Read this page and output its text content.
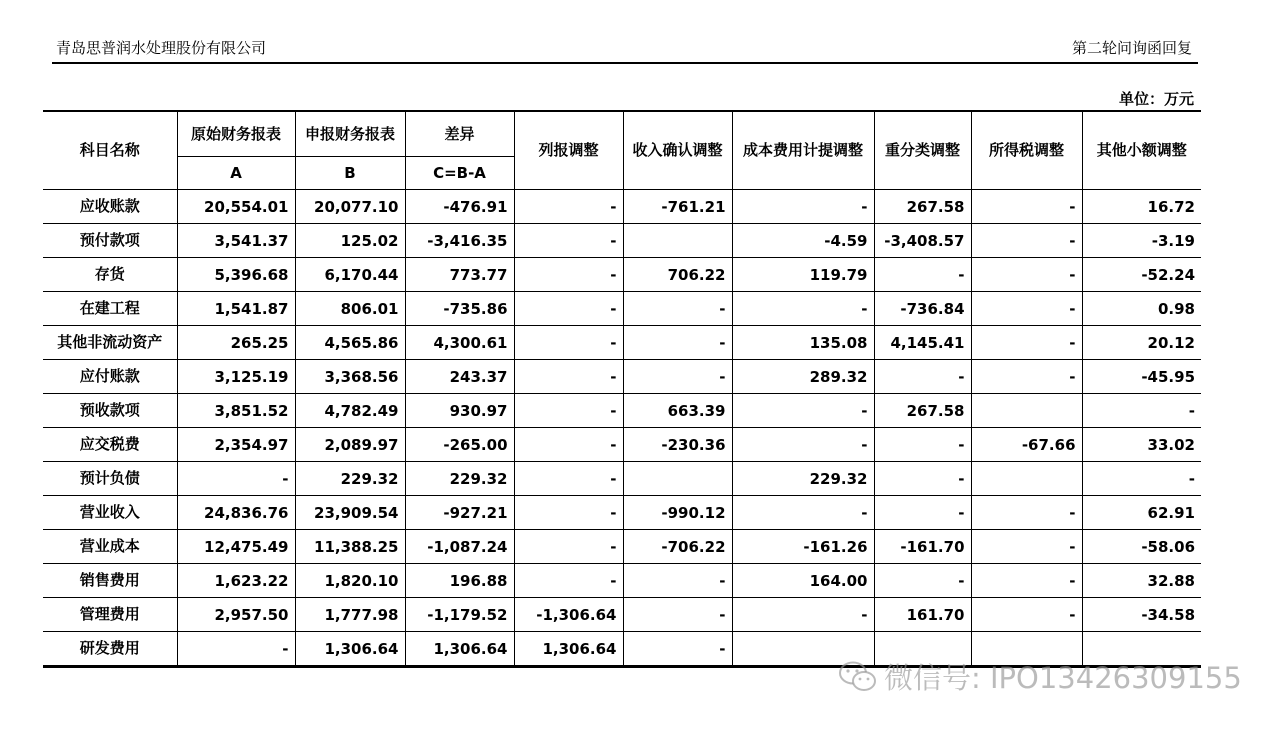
青岛思普润水处理股份有限公司	第二轮问询函回复
单位：万元
科目名称	原始财务报表	申报财务报表	差异	列报调整	收入确认调整	成本费用计提调整	重分类调整	所得税调整	其他小额调整
	A	B	C=B-A						
应收账款	20,554.01	20,077.10	-476.91	-	-761.21	-	267.58	-	16.72
预付款项	3,541.37	125.02	-3,416.35	-		-4.59	-3,408.57	-	-3.19
存货	5,396.68	6,170.44	773.77	-	706.22	119.79	-	-	-52.24
在建工程	1,541.87	806.01	-735.86	-	-	-	-736.84	-	0.98
其他非流动资产	265.25	4,565.86	4,300.61	-	-	135.08	4,145.41	-	20.12
应付账款	3,125.19	3,368.56	243.37	-	-	289.32	-	-	-45.95
预收款项	3,851.52	4,782.49	930.97	-	663.39	-	267.58		-
应交税费	2,354.97	2,089.97	-265.00	-	-230.36	-	-	-67.66	33.02
预计负债	-	229.32	229.32	-		229.32	-		-
营业收入	24,836.76	23,909.54	-927.21	-	-990.12	-	-	-	62.91
营业成本	12,475.49	11,388.25	-1,087.24	-	-706.22	-161.26	-161.70	-	-58.06
销售费用	1,623.22	1,820.10	196.88	-	-	164.00	-	-	32.88
管理费用	2,957.50	1,777.98	-1,179.52	-1,306.64	-	-	161.70	-	-34.58
研发费用	-	1,306.64	1,306.64	1,306.64	-				
微信号: IPO13426309155
